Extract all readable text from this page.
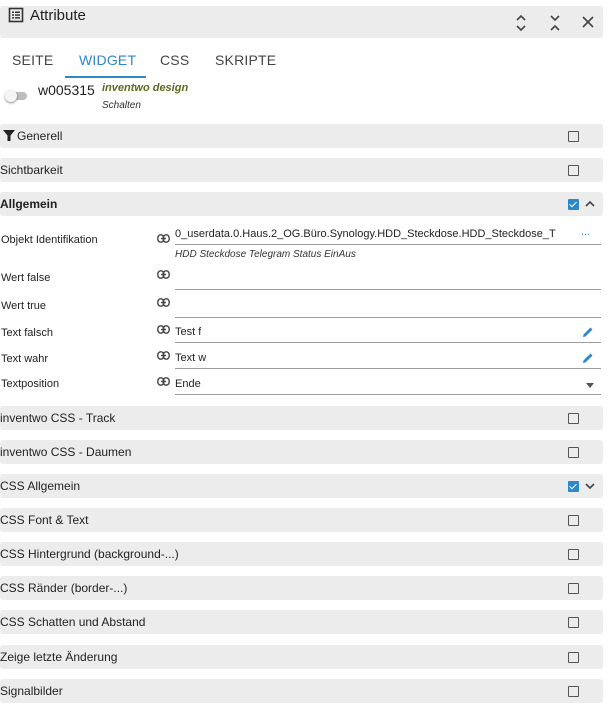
Attribute
SEITE WIDGET CSS SKRIPTE
w005315 inventwo design
Schalten
Generell
Sichtbarkeit
Allgemein
Objekt Identifikation	0_userdata.0.Haus.2_OG.Büro.Synology.HDD_Steckdose.HDD_Steckdose_T	...
HDD Steckdose Telegram Status EinAus
Wert false
Wert true
Text falsch	Test f
Text wahr	Text w
Textposition	Ende
inventwo CSS - Track
inventwo CSS - Daumen
CSS Allgemein
CSS Font & Text
CSS Hintergrund (background-...)
CSS Ränder (border-...)
CSS Schatten und Abstand
Zeige letzte Änderung
Signalbilder
